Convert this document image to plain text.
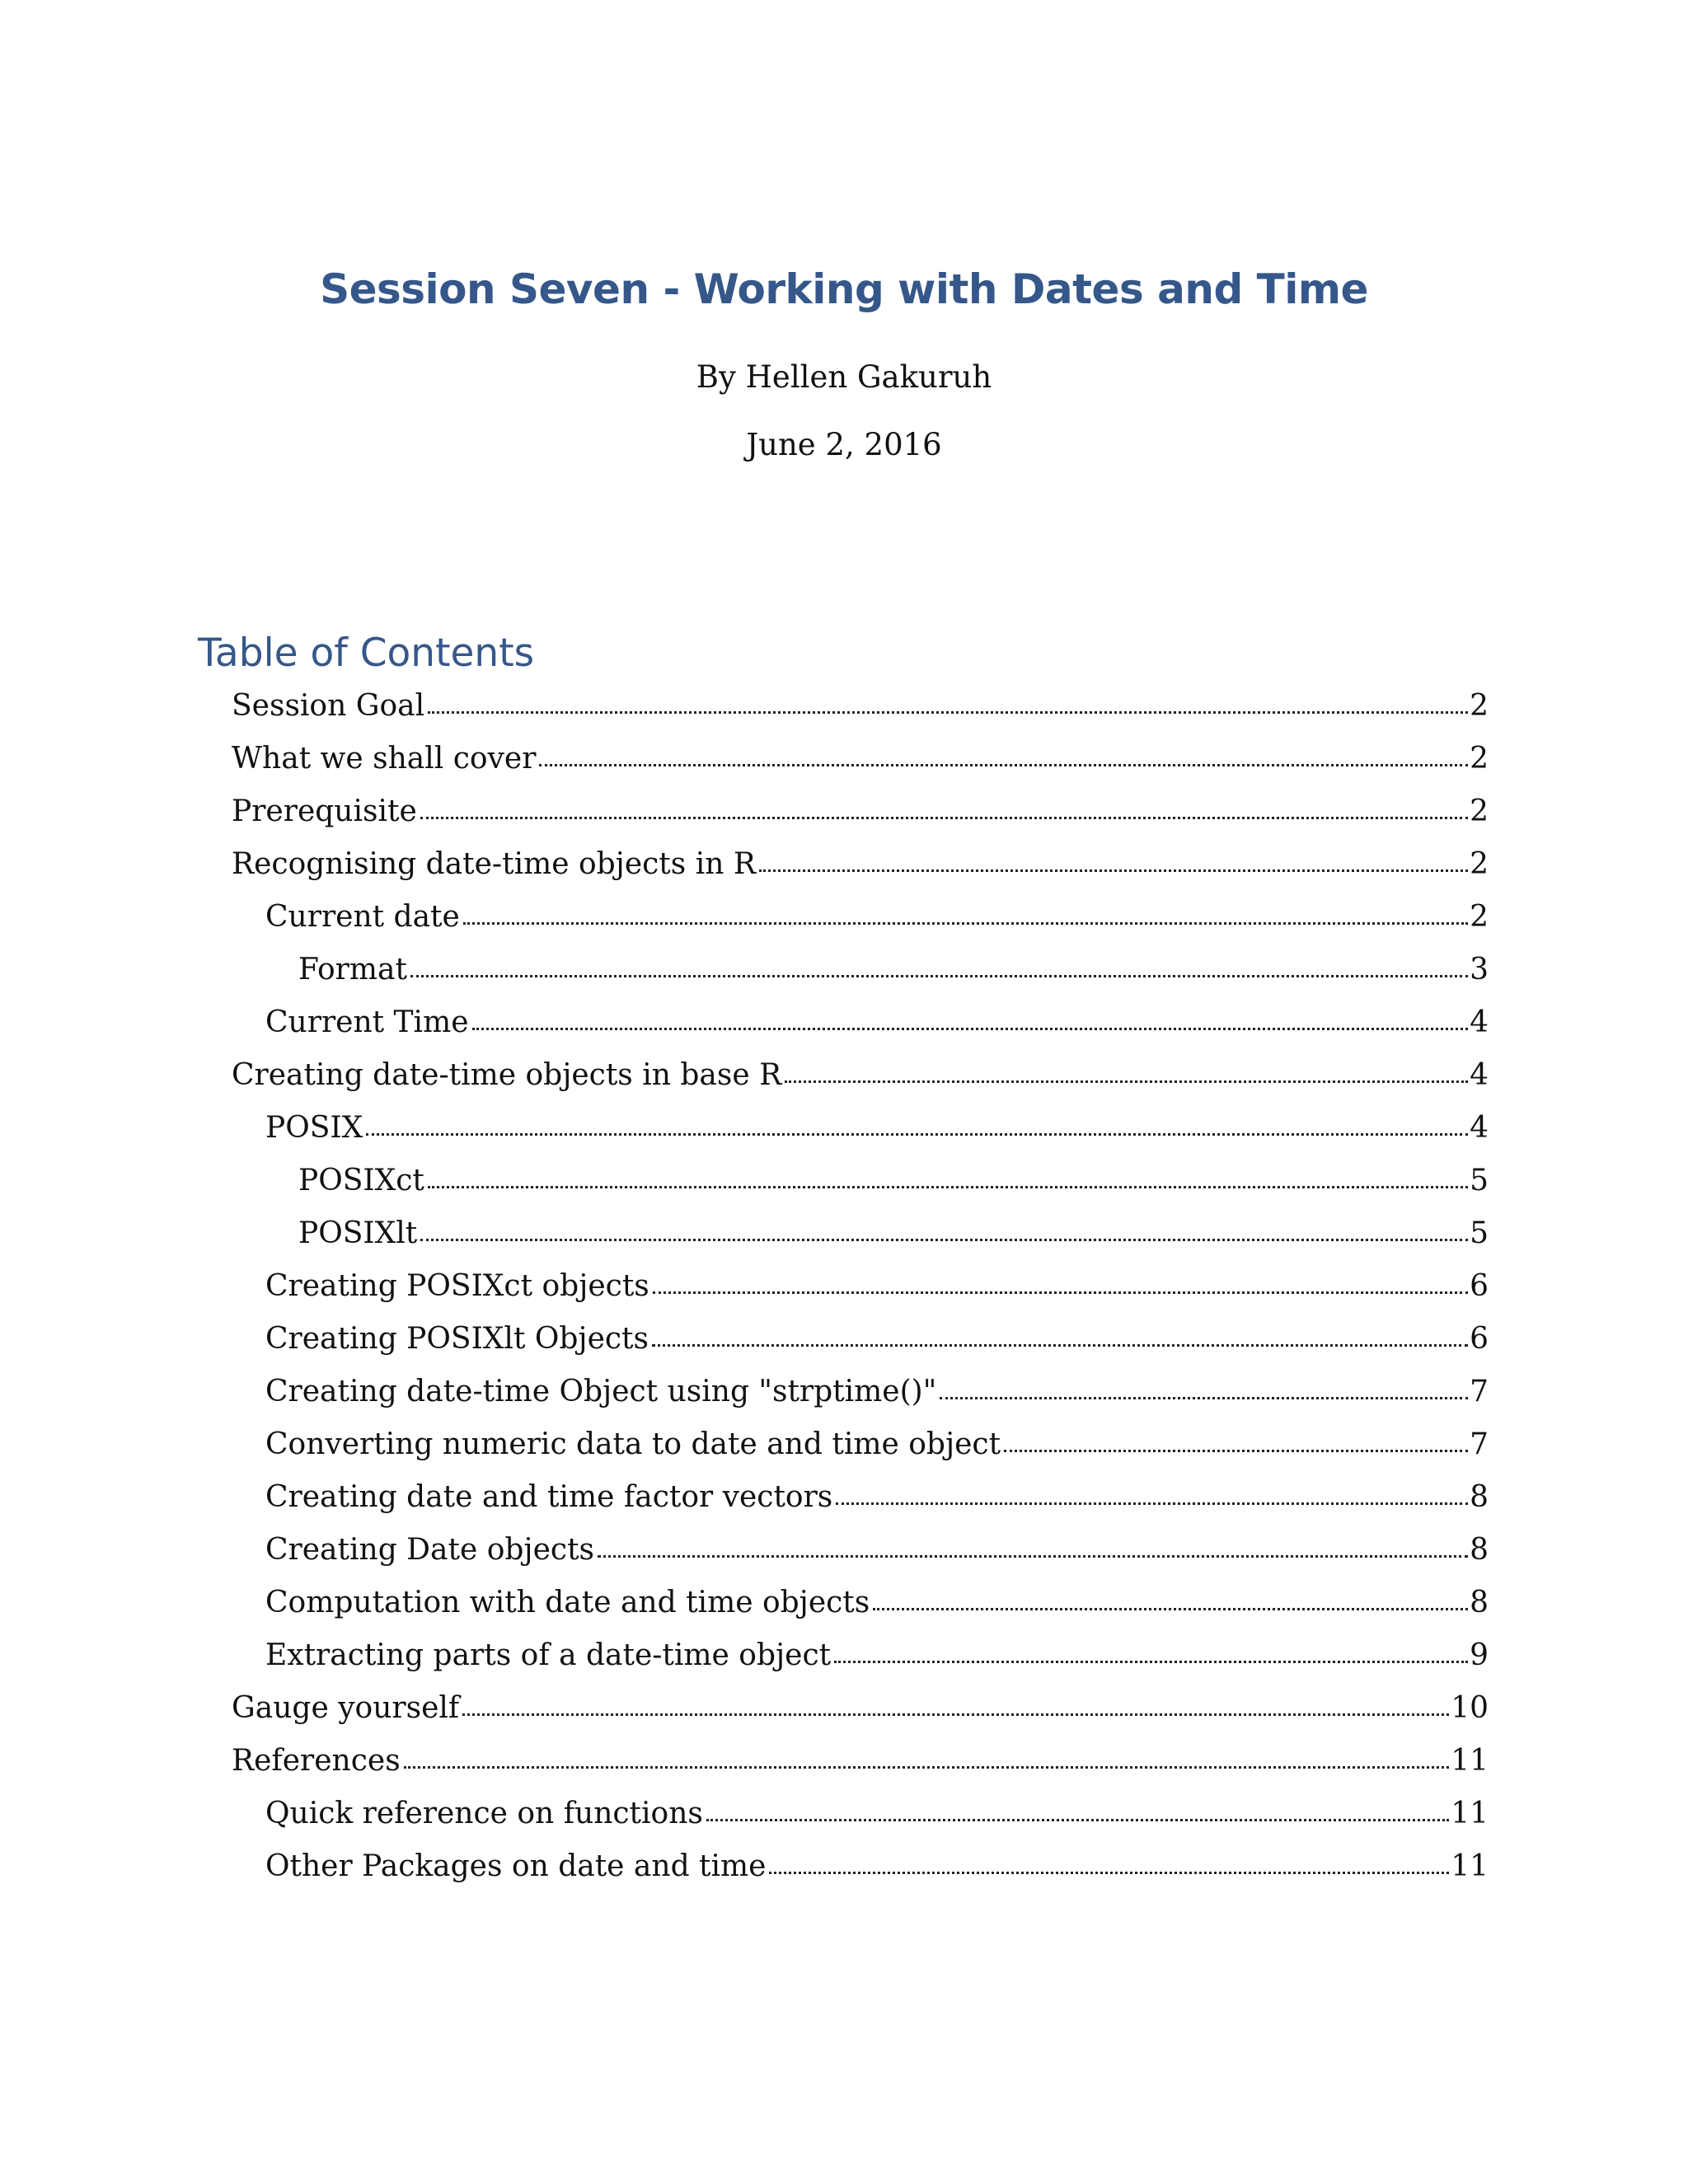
Session Seven - Working with Dates and Time
By Hellen Gakuruh
June 2, 2016
Table of Contents
Session Goal	2
What we shall cover	2
Prerequisite	2
Recognising date-time objects in R	2
Current date	2
Format	3
Current Time	4
Creating date-time objects in base R	4
POSIX	4
POSIXct	5
POSIXlt	5
Creating POSIXct objects	6
Creating POSIXlt Objects	6
Creating date-time Object using "strptime()"	7
Converting numeric data to date and time object	7
Creating date and time factor vectors	8
Creating Date objects	8
Computation with date and time objects	8
Extracting parts of a date-time object	9
Gauge yourself	10
References	11
Quick reference on functions	11
Other Packages on date and time	11
